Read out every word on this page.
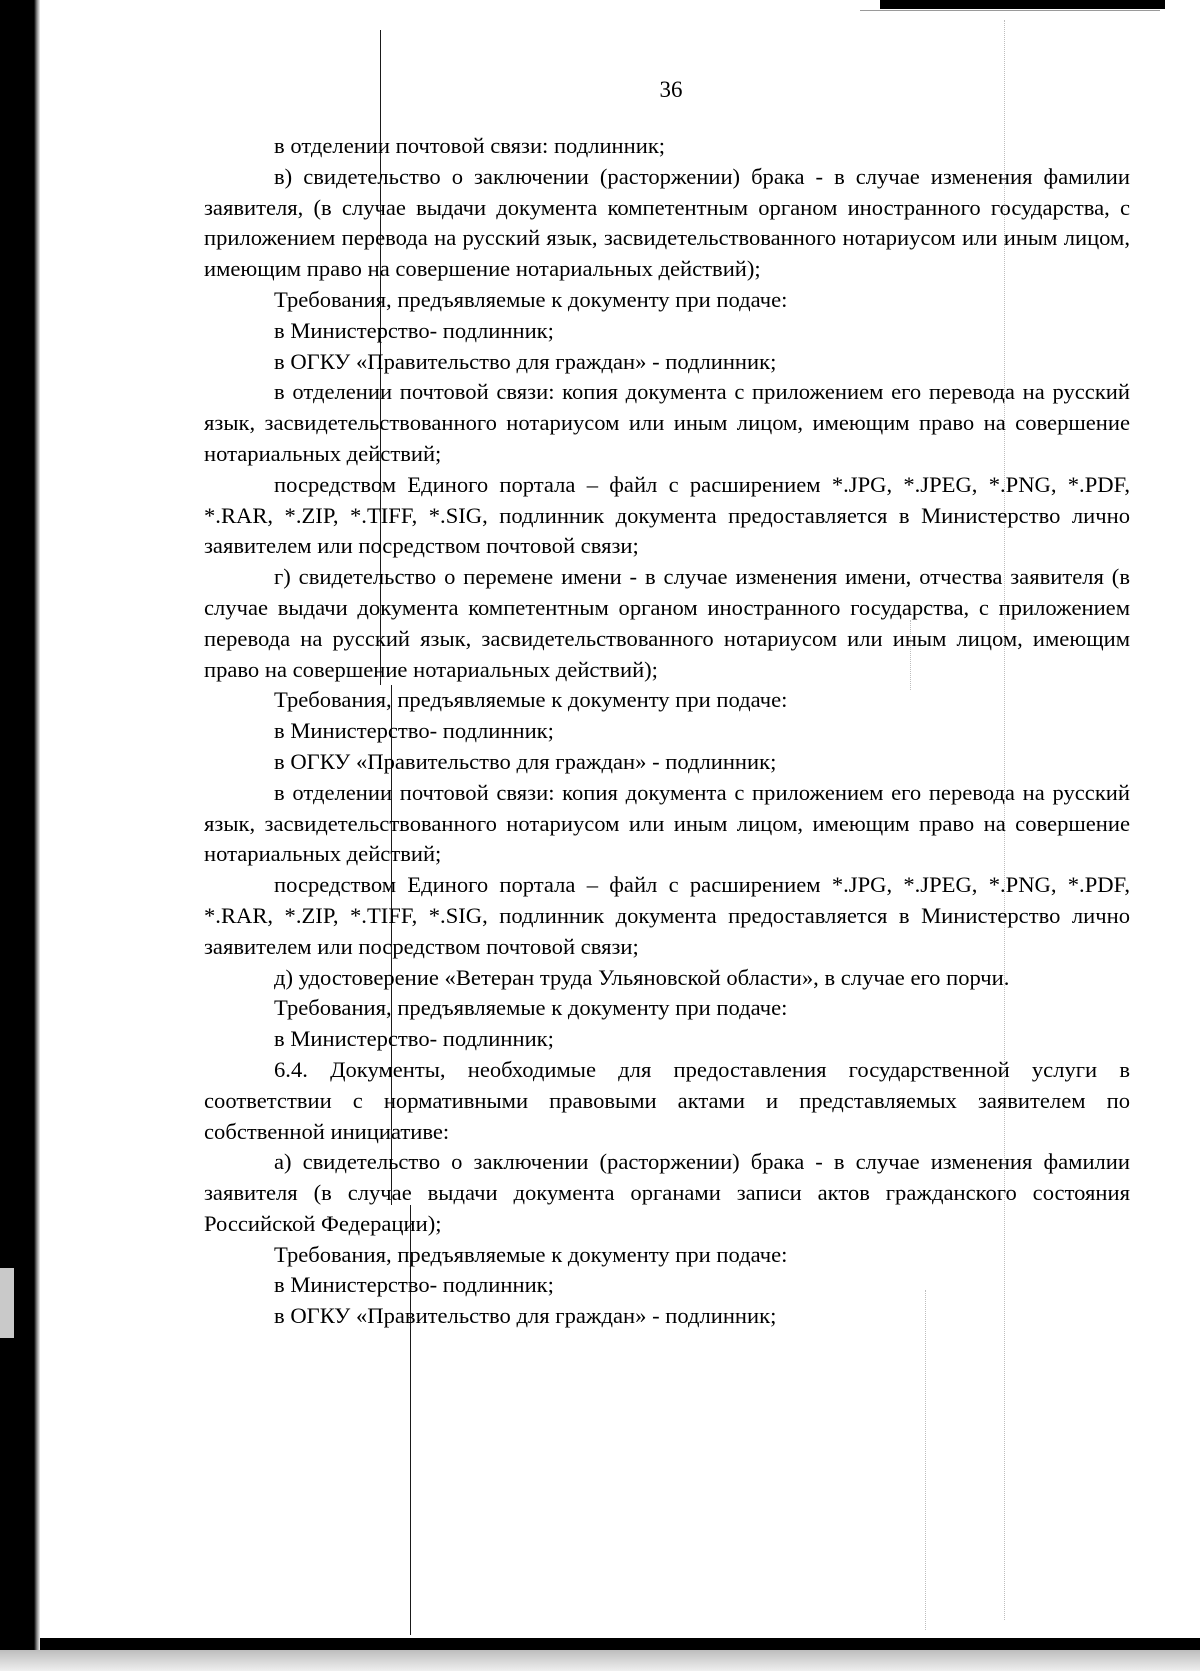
36

в отделении почтовой связи: подлинник;

в) свидетельство о заключении (расторжении) брака - в случае изменения фамилии заявителя, (в случае выдачи документа компетентным органом иностранного государства, с приложением перевода на русский язык, засвидетельствованного нотариусом или иным лицом, имеющим право на совершение нотариальных действий);

Требования, предъявляемые к документу при подаче:

в Министерство- подлинник;

в ОГКУ «Правительство для граждан» - подлинник;

в отделении почтовой связи: копия документа с приложением его перевода на русский язык, засвидетельствованного нотариусом или иным лицом, имеющим право на совершение нотариальных действий;

посредством Единого портала – файл с расширением *.JPG, *.JPEG, *.PNG, *.PDF, *.RAR, *.ZIP, *.TIFF, *.SIG, подлинник документа предоставляется в Министерство лично заявителем или посредством почтовой связи;

г) свидетельство о перемене имени - в случае изменения имени, отчества заявителя (в случае выдачи документа компетентным органом иностранного государства, с приложением перевода на русский язык, засвидетельствованного нотариусом или иным лицом, имеющим право на совершение нотариальных действий);

Требования, предъявляемые к документу при подаче:

в Министерство- подлинник;

в ОГКУ «Правительство для граждан» - подлинник;

в отделении почтовой связи: копия документа с приложением его перевода на русский язык, засвидетельствованного нотариусом или иным лицом, имеющим право на совершение нотариальных действий;

посредством Единого портала – файл с расширением *.JPG, *.JPEG, *.PNG, *.PDF, *.RAR, *.ZIP, *.TIFF, *.SIG, подлинник документа предоставляется в Министерство лично заявителем или посредством почтовой связи;

д) удостоверение «Ветеран труда Ульяновской области», в случае его порчи.

Требования, предъявляемые к документу при подаче:

в Министерство- подлинник;

6.4. Документы, необходимые для предоставления государственной услуги в соответствии с нормативными правовыми актами и представляемых заявителем по собственной инициативе:

а) свидетельство о заключении (расторжении) брака - в случае изменения фамилии заявителя (в случае выдачи документа органами записи актов гражданского состояния Российской Федерации);

Требования, предъявляемые к документу при подаче:

в Министерство- подлинник;

в ОГКУ «Правительство для граждан» - подлинник;
